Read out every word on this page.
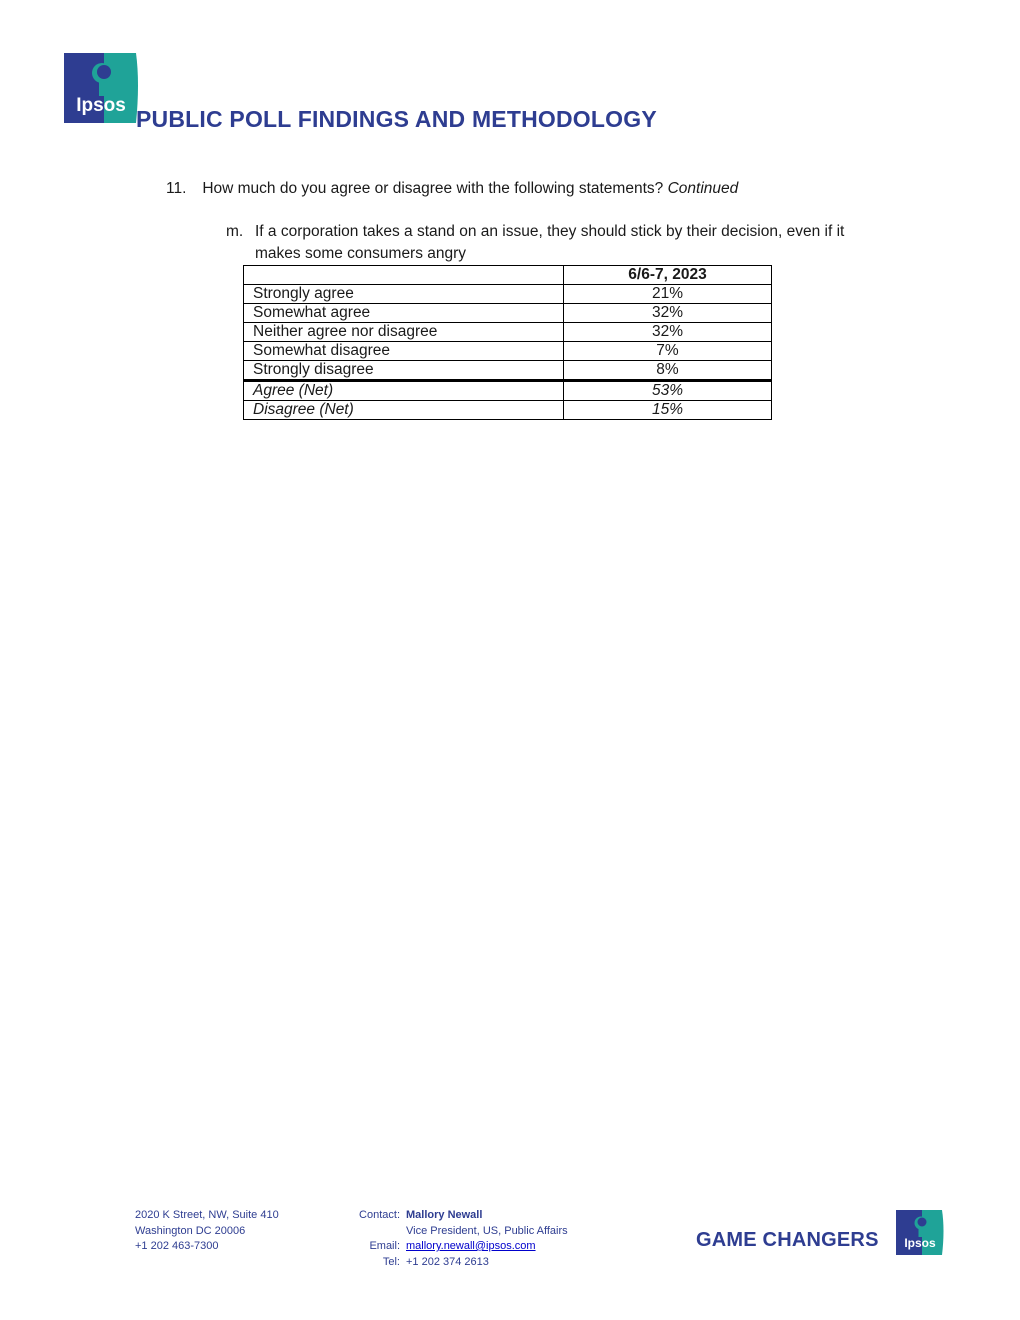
Ipsos
PUBLIC POLL FINDINGS AND METHODOLOGY
11. How much do you agree or disagree with the following statements? Continued
m. If a corporation takes a stand on an issue, they should stick by their decision, even if it makes some consumers angry
	6/6-7, 2023
Strongly agree	21%
Somewhat agree	32%
Neither agree nor disagree	32%
Somewhat disagree	7%
Strongly disagree	8%
Agree (Net)	53%
Disagree (Net)	15%
2020 K Street, NW, Suite 410
Washington DC 20006
+1 202 463-7300
Contact: Mallory Newall
Vice President, US, Public Affairs
Email: mallory.newall@ipsos.com
Tel: +1 202 374 2613
GAME CHANGERS Ipsos
